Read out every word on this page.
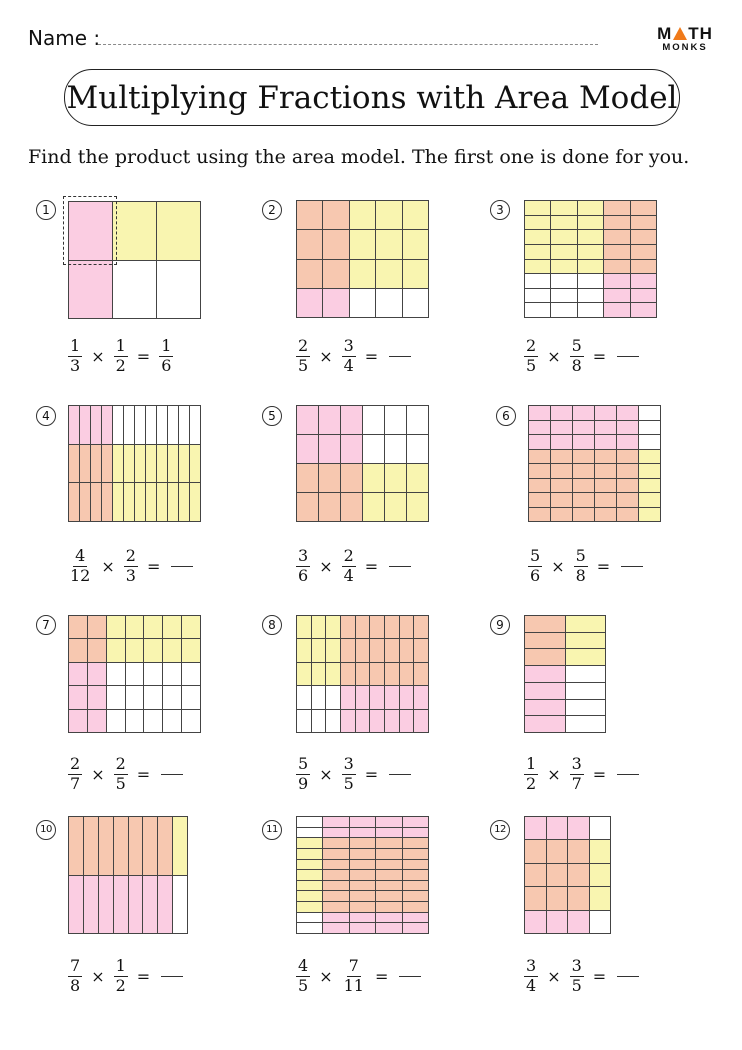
Name :	M TH
MONKS
Multiplying Fractions with Area Model
Find the product using the area model. The first one is done for you.
1
$\frac{1}{3} \times \frac{1}{2} = \frac{1}{6}$
2
$\frac{2}{5} \times \frac{3}{4}$ =
3
$\frac{2}{5} \times \frac{5}{8}$ =
4
$\frac{4}{12} \times \frac{2}{3}$ =
5
$\frac{3}{6} \times \frac{2}{4}$ =
6
$\frac{5}{6} \times \frac{5}{8}$ =
7
$\frac{2}{7} \times \frac{2}{5}$ =
8
$\frac{5}{9} \times \frac{3}{5}$ =
9
$\frac{1}{2} \times \frac{3}{7}$ =
10
$\frac{7}{8} \times \frac{1}{2}$ =
11
$\frac{4}{5} \times \frac{7}{11}$ =
12
$\frac{3}{4} \times \frac{3}{5}$ =
